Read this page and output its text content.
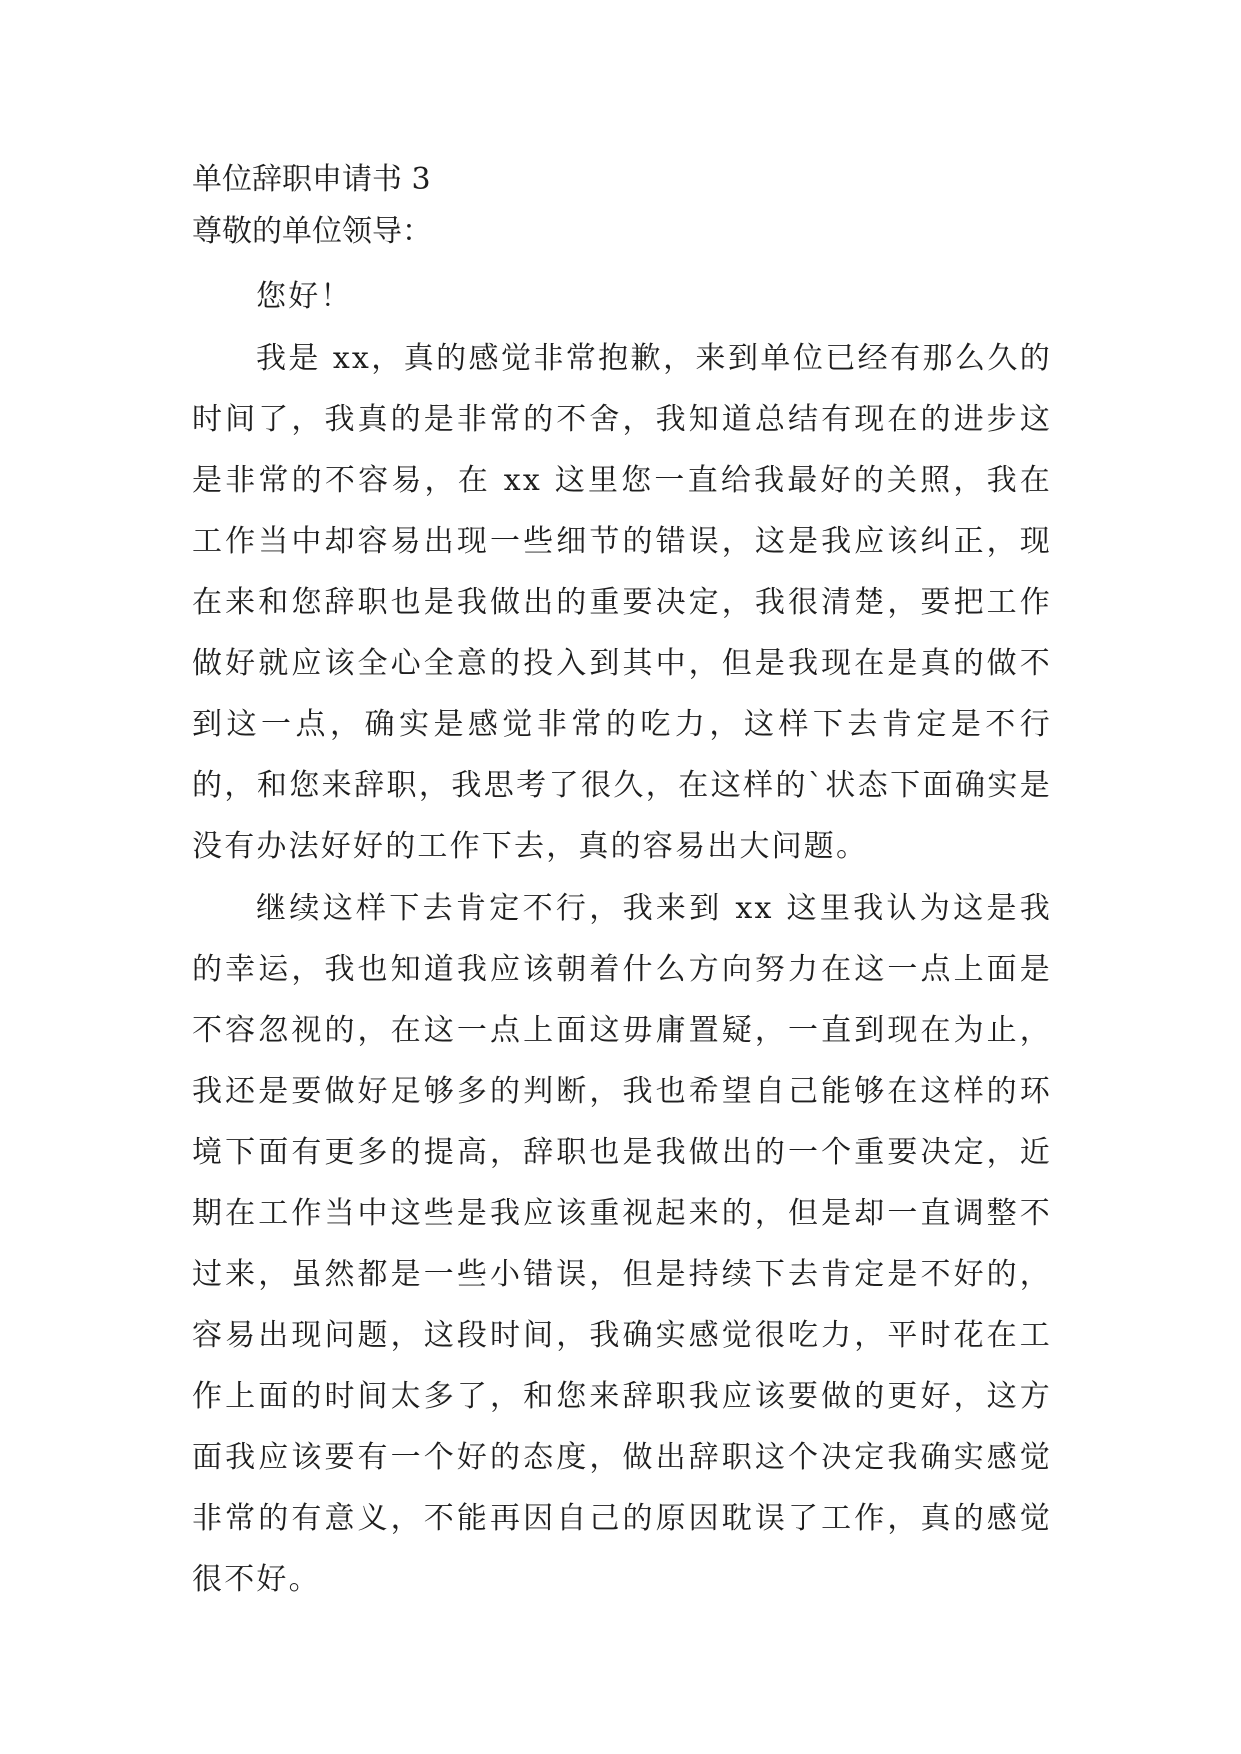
单位辞职申请书 3
尊敬的单位领导：

您好！

我是 xx，真的感觉非常抱歉，来到单位已经有那么久的时间了，我真的是非常的不舍，我知道总结有现在的进步这是非常的不容易，在 xx 这里您一直给我最好的关照，我在工作当中却容易出现一些细节的错误，这是我应该纠正，现在来和您辞职也是我做出的重要决定，我很清楚，要把工作做好就应该全心全意的投入到其中，但是我现在是真的做不到这一点，确实是感觉非常的吃力，这样下去肯定是不行的，和您来辞职，我思考了很久，在这样的`状态下面确实是没有办法好好的工作下去，真的容易出大问题。

继续这样下去肯定不行，我来到 xx 这里我认为这是我的幸运，我也知道我应该朝着什么方向努力在这一点上面是不容忽视的，在这一点上面这毋庸置疑，一直到现在为止，我还是要做好足够多的判断，我也希望自己能够在这样的环境下面有更多的提高，辞职也是我做出的一个重要决定，近期在工作当中这些是我应该重视起来的，但是却一直调整不过来，虽然都是一些小错误，但是持续下去肯定是不好的，容易出现问题，这段时间，我确实感觉很吃力，平时花在工作上面的时间太多了，和您来辞职我应该要做的更好，这方面我应该要有一个好的态度，做出辞职这个决定我确实感觉非常的有意义，不能再因自己的原因耽误了工作，真的感觉很不好。
